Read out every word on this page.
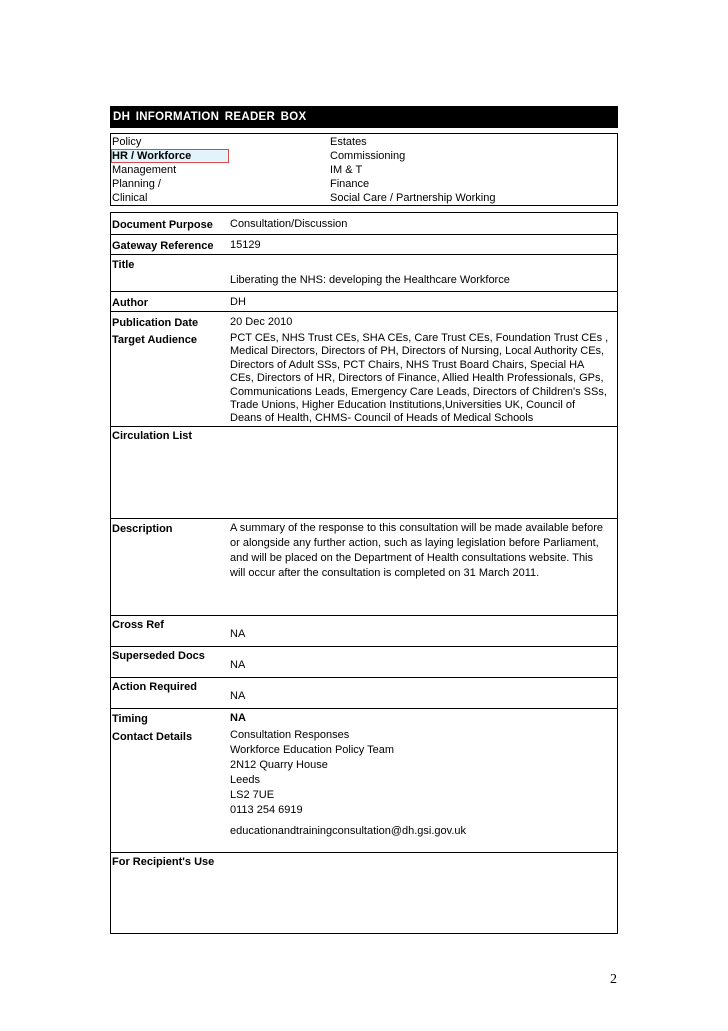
DH INFORMATION READER BOX
Policy	Estates
HR / Workforce	Commissioning
Management	IM & T
Planning /	Finance
Clinical	Social Care / Partnership Working
Document Purpose Consultation/Discussion
Gateway Reference 15129
Title
Liberating the NHS: developing the Healthcare Workforce
Author	DH
Publication Date	20 Dec 2010
Target Audience	PCT CEs, NHS Trust CEs, SHA CEs, Care Trust CEs, Foundation Trust CEs ,
Medical Directors, Directors of PH, Directors of Nursing, Local Authority CEs,
Directors of Adult SSs, PCT Chairs, NHS Trust Board Chairs, Special HA
CEs, Directors of HR, Directors of Finance, Allied Health Professionals, GPs,
Communications Leads, Emergency Care Leads, Directors of Children's SSs,
Trade Unions, Higher Education Institutions,Universities UK, Council of
Deans of Health, CHMS- Council of Heads of Medical Schools
Circulation List
Description	A summary of the response to this consultation will be made available before
or alongside any further action, such as laying legislation before Parliament,
and will be placed on the Department of Health consultations website. This
will occur after the consultation is completed on 31 March 2011.
Cross Ref
NA
Superseded Docs
NA
Action Required
NA
Timing	NA
Contact Details	Consultation Responses
Workforce Education Policy Team
2N12 Quarry House
Leeds
LS2 7UE
0113 254 6919
educationandtrainingconsultation@dh.gsi.gov.uk
For Recipient's Use
2
